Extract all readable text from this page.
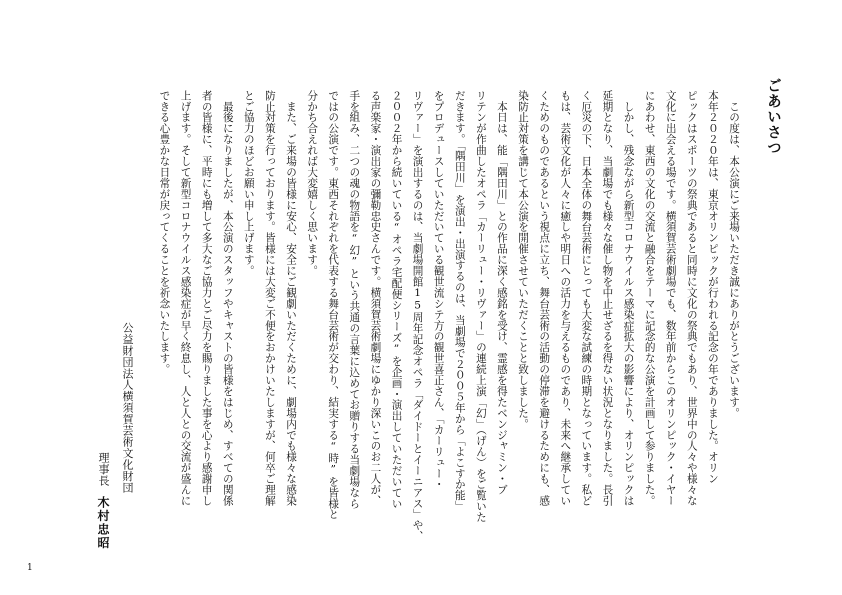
ごあいさつ

　この度は、本公演にご来場いただき誠にありがとうございます。

本年２０２０年は、東京オリンピックが行われる記念の年でありました。オリン

ピックはスポーツの祭典であると同時に文化の祭典でもあり、世界中の人々や様々な

文化に出会える場です。横須賀芸術劇場でも、数年前からこのオリンピック・イヤー

にあわせ、東西の文化の交流と融合をテーマに記念的な公演を計画して参りました。

　しかし、残念ながら新型コロナウイルス感染症拡大の影響により、オリンピックは

延期となり、当劇場でも様々な催し物を中止せざるを得ない状況となりました。長引

く厄災の下、日本全体の舞台芸術にとっても大変な試練の時期となっています。私ど

もは、芸術文化が人々に癒しや明日への活力を与えるものであり、未来へ継承してい

くためのものであるという視点に立ち、舞台芸術の活動の停滞を避けるためにも、感

染防止対策を講じて本公演を開催させていただくことと致しました。

　本日は、能「隅田川」との作品に深く感銘を受け、霊感を得たベンジャミン・ブ

リテンが作曲したオペラ「カーリュー・リヴァー」の連続上演「幻」（げん）をご覧いた

だきます。「隅田川」を演出・出演するのは、当劇場で２００５年から「よこすか能」

をプロデュースしていただいている観世流シテ方の観世喜正さん、「カーリュー・

リヴァー」を演出するのは、当劇場開館15周年記念オペラ「ダイドーとイーニアス」や、

２００２年から続いている“オペラ宅配便シリーズ”を企画・演出していただいてい

る声楽家・演出家の彌勒忠史さんです。横須賀芸術劇場にゆかり深いこのお二人が、

手を組み、二つの魂の物語を“幻”という共通の言葉に込めてお贈りする当劇場なら

ではの公演です。東西それぞれを代表する舞台芸術が交わり、結実する“時”を皆様と

分かち合えれば大変嬉しく思います。

　また、ご来場の皆様に安心、安全にご観劇いただくために、劇場内でも様々な感染

防止対策を行っております。皆様には大変ご不便をおかけいたしますが、何卒ご理解

とご協力のほどお願い申し上げます。

　最後になりましたが、本公演のスタッフやキャストの皆様をはじめ、すべての関係

者の皆様に、平時にも増して多大なご協力とご尽力を賜りました事を心より感謝申し

上げます。そして新型コロナウイルス感染症が早く終息し、人と人との交流が盛んに

できる心豊かな日常が戻ってくることを祈念いたします。

公益財団法人横須賀芸術文化財団
理事長
木村忠昭
1
